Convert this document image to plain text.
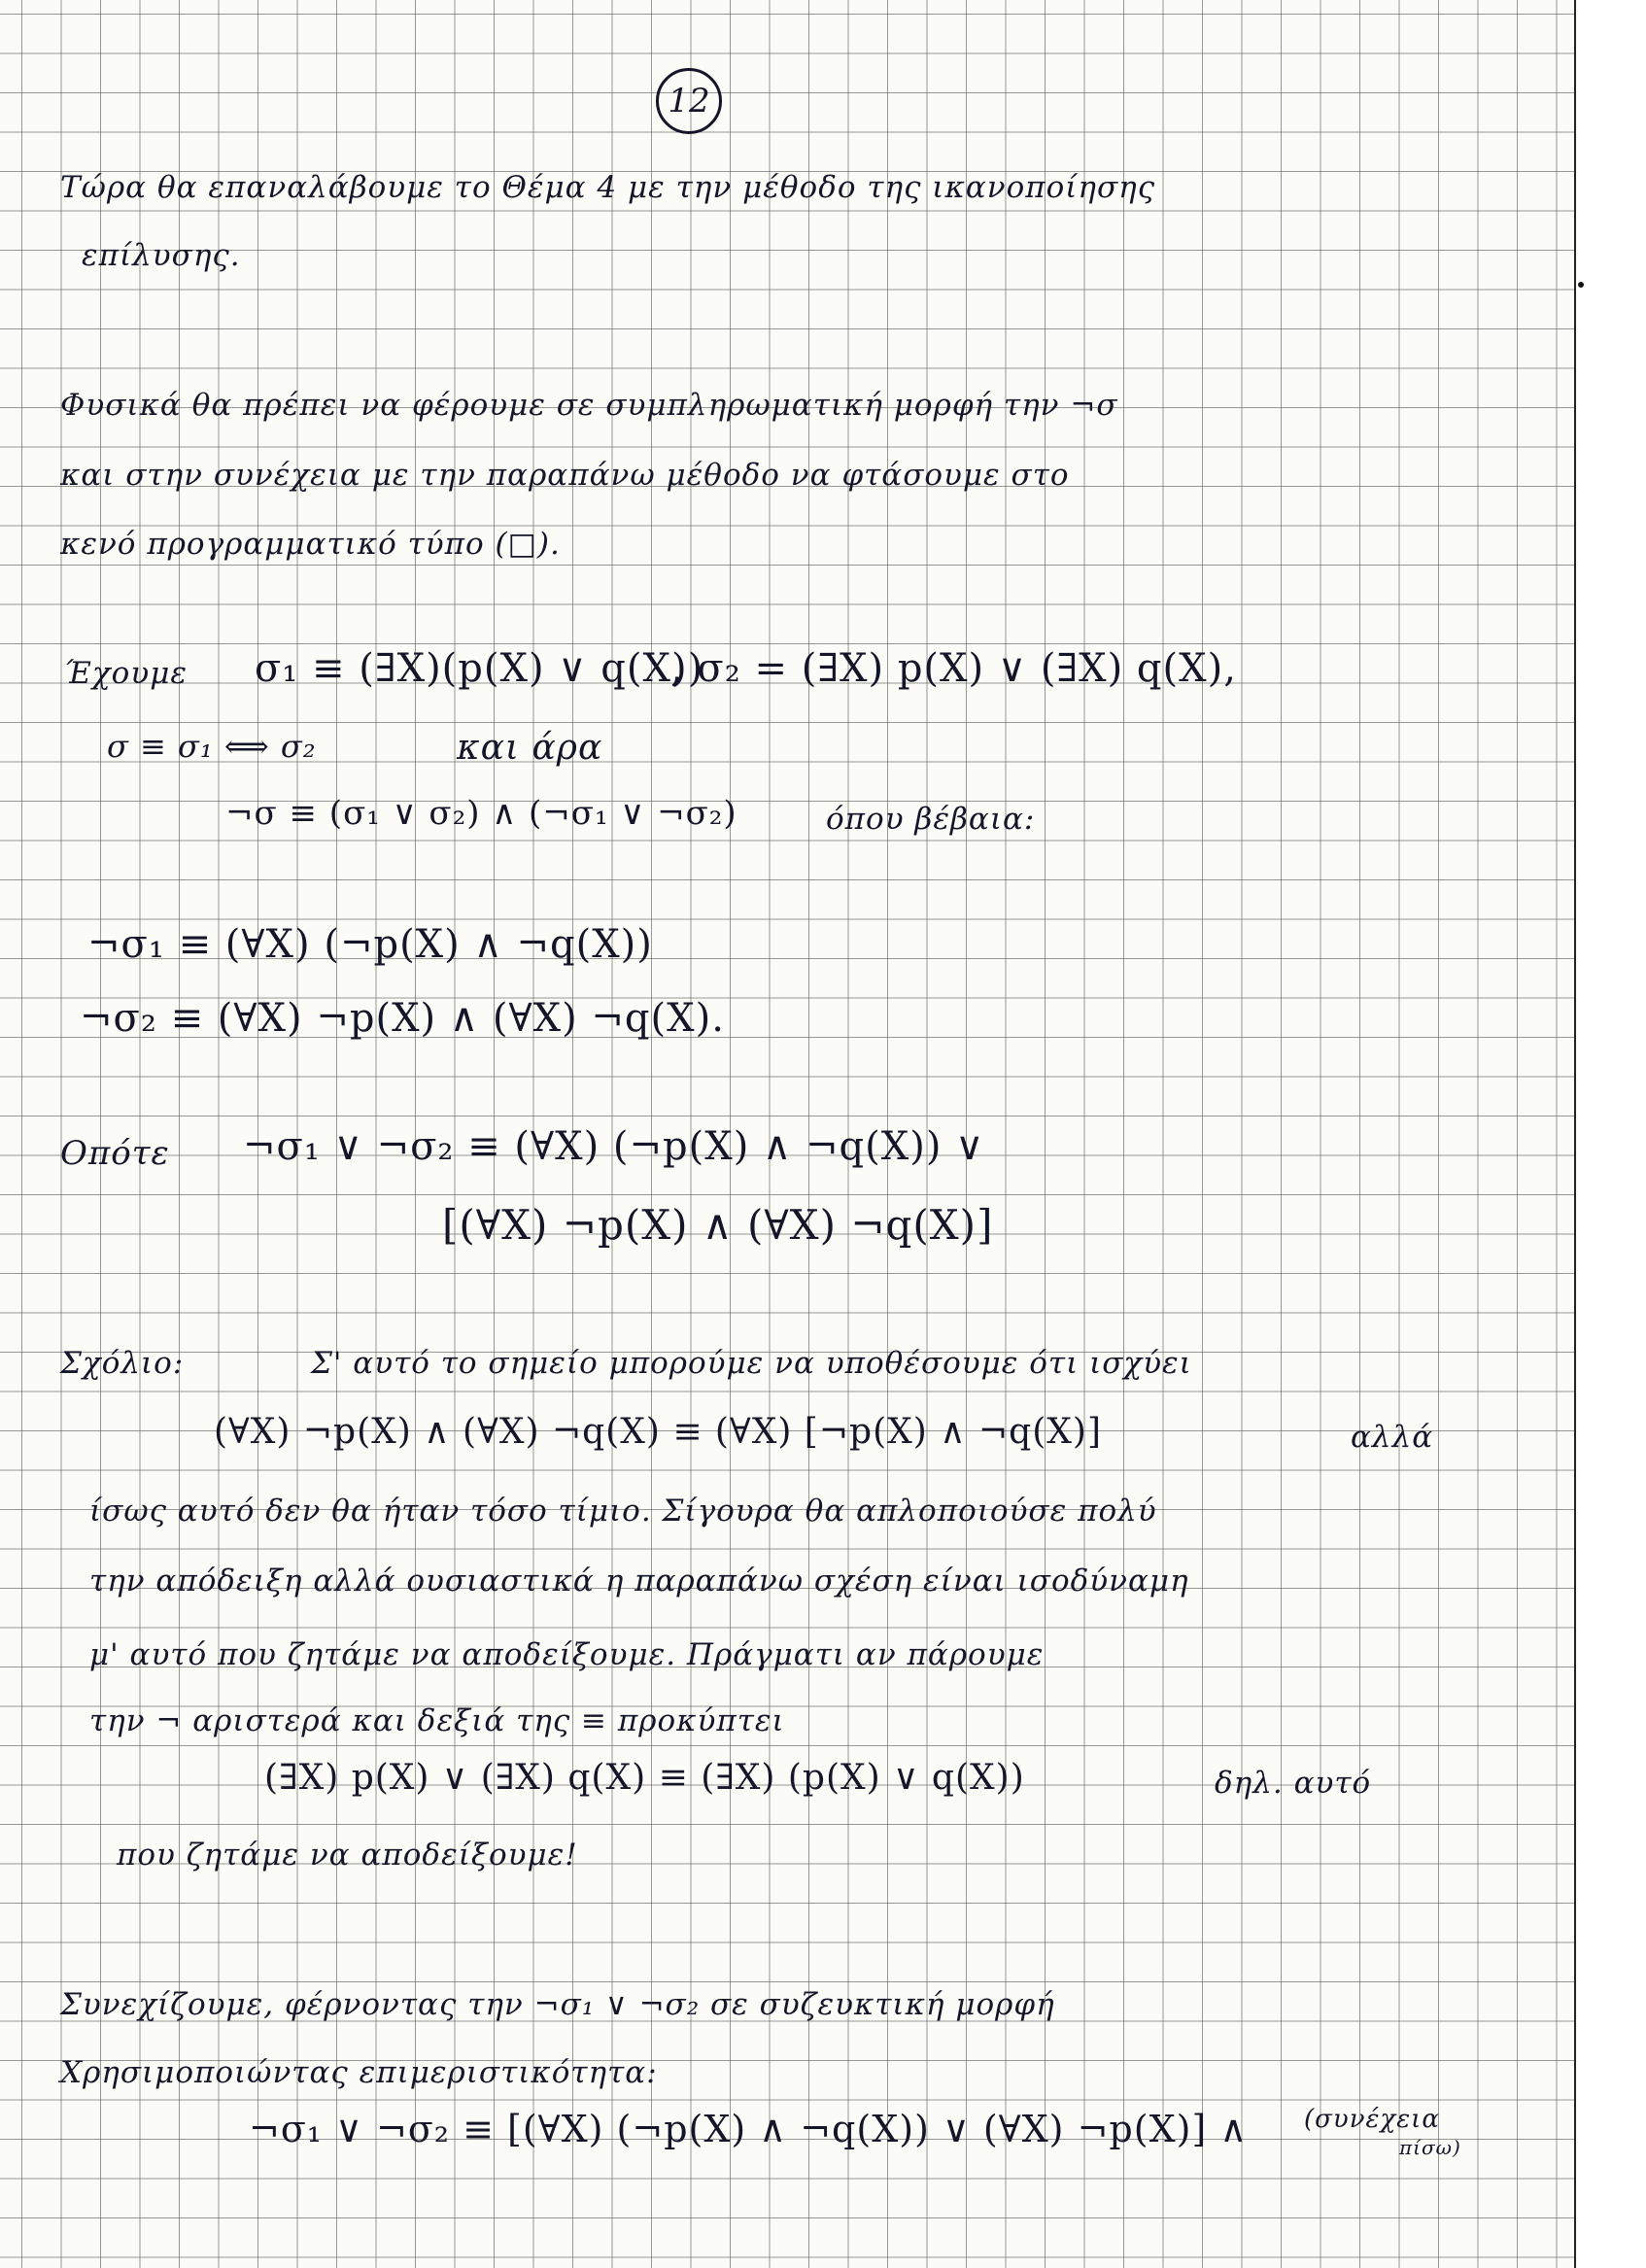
12
Τώρα θα επαναλάβουμε το Θέμα 4 με την μέθοδο της ικανοποίησης
επίλυσης.
Φυσικά θα πρέπει να φέρουμε σε συμπληρωματική μορφή την ¬σ
και στην συνέχεια με την παραπάνω μέθοδο να φτάσουμε στο
κενό προγραμματικό τύπο (□).
Έχουμε σ₁ ≡ (∃X)(p(X) ∨ q(X))
, σ₂ = (∃X) p(X) ∨ (∃X) q(X),
σ ≡ σ₁ ⟺ σ₂	και άρα
¬σ ≡ (σ₁ ∨ σ₂) ∧ (¬σ₁ ∨ ¬σ₂)	όπου βέβαια:
¬σ₁ ≡ (∀X) (¬p(X) ∧ ¬q(X))
¬σ₂ ≡ (∀X) ¬p(X) ∧ (∀X) ¬q(X).
Οπότε ¬σ₁ ∨ ¬σ₂ ≡ (∀X) (¬p(X) ∧ ¬q(X)) ∨
[(∀X) ¬p(X) ∧ (∀X) ¬q(X)]
Σχόλιο:	Σ' αυτό το σημείο μπορούμε να υποθέσουμε ότι ισχύει
(∀X) ¬p(X) ∧ (∀X) ¬q(X) ≡ (∀X) [¬p(X) ∧ ¬q(X)]	αλλά
ίσως αυτό δεν θα ήταν τόσο τίμιο. Σίγουρα θα απλοποιούσε πολύ
την απόδειξη αλλά ουσιαστικά η παραπάνω σχέση είναι ισοδύναμη
μ' αυτό που ζητάμε να αποδείξουμε. Πράγματι αν πάρουμε
την ¬ αριστερά και δεξιά της ≡ προκύπτει
(∃X) p(X) ∨ (∃X) q(X) ≡ (∃X) (p(X) ∨ q(X))	δηλ. αυτό
που ζητάμε να αποδείξουμε!
Συνεχίζουμε, φέρνοντας την ¬σ₁ ∨ ¬σ₂ σε συζευκτική μορφή
Χρησιμοποιώντας επιμεριστικότητα:
¬σ₁ ∨ ¬σ₂ ≡ [(∀X) (¬p(X) ∧ ¬q(X)) ∨ (∀X) ¬p(X)] ∧ (συνέχεια
πίσω)
